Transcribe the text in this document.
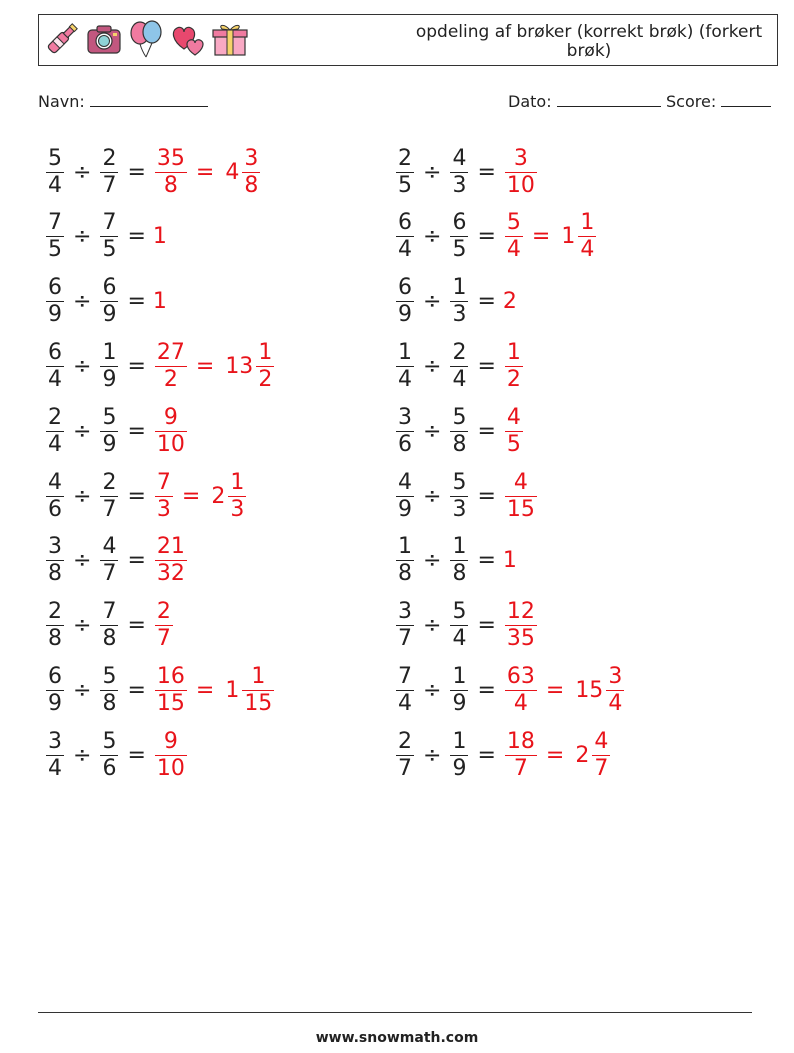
opdeling af brøker (korrekt brøk) (forkert brøk)
Navn:	Dato:	Score:
$\frac{5}{4} \div \frac{2}{7} = \frac{35}{8} = 4 \frac{3}{8}$	$\frac{2}{5} \div \frac{4}{3} = \frac{3}{10}$
$\frac{7}{5} \div \frac{7}{5} = 1$	$\frac{6}{4} \div \frac{6}{5} = \frac{5}{4} = 1 \frac{1}{4}$
$\frac{6}{9} \div \frac{6}{9} = 1$	$\frac{6}{9} \div \frac{1}{3} = 2$
$\frac{6}{4} \div \frac{1}{9} = \frac{27}{2} = 13 \frac{1}{2}$	$\frac{1}{4} \div \frac{2}{4} = \frac{1}{2}$
$\frac{2}{4} \div \frac{5}{9} = \frac{9}{10}$	$\frac{3}{6} \div \frac{5}{8} = \frac{4}{5}$
$\frac{4}{6} \div \frac{2}{7} = \frac{7}{3} = 2 \frac{1}{3}$	$\frac{4}{9} \div \frac{5}{3} = \frac{4}{15}$
$\frac{3}{8} \div \frac{4}{7} = \frac{21}{32}$	$\frac{1}{8} \div \frac{1}{8} = 1$
$\frac{2}{8} \div \frac{7}{8} = \frac{2}{7}$	$\frac{3}{7} \div \frac{5}{4} = \frac{12}{35}$
$\frac{6}{9} \div \frac{5}{8} = \frac{16}{15} = 1 \frac{1}{15}$	$\frac{7}{4} \div \frac{1}{9} = \frac{63}{4} = 15 \frac{3}{4}$
$\frac{3}{4} \div \frac{5}{6} = \frac{9}{10}$	$\frac{2}{7} \div \frac{1}{9} = \frac{18}{7} = 2 \frac{4}{7}$
www.snowmath.com
